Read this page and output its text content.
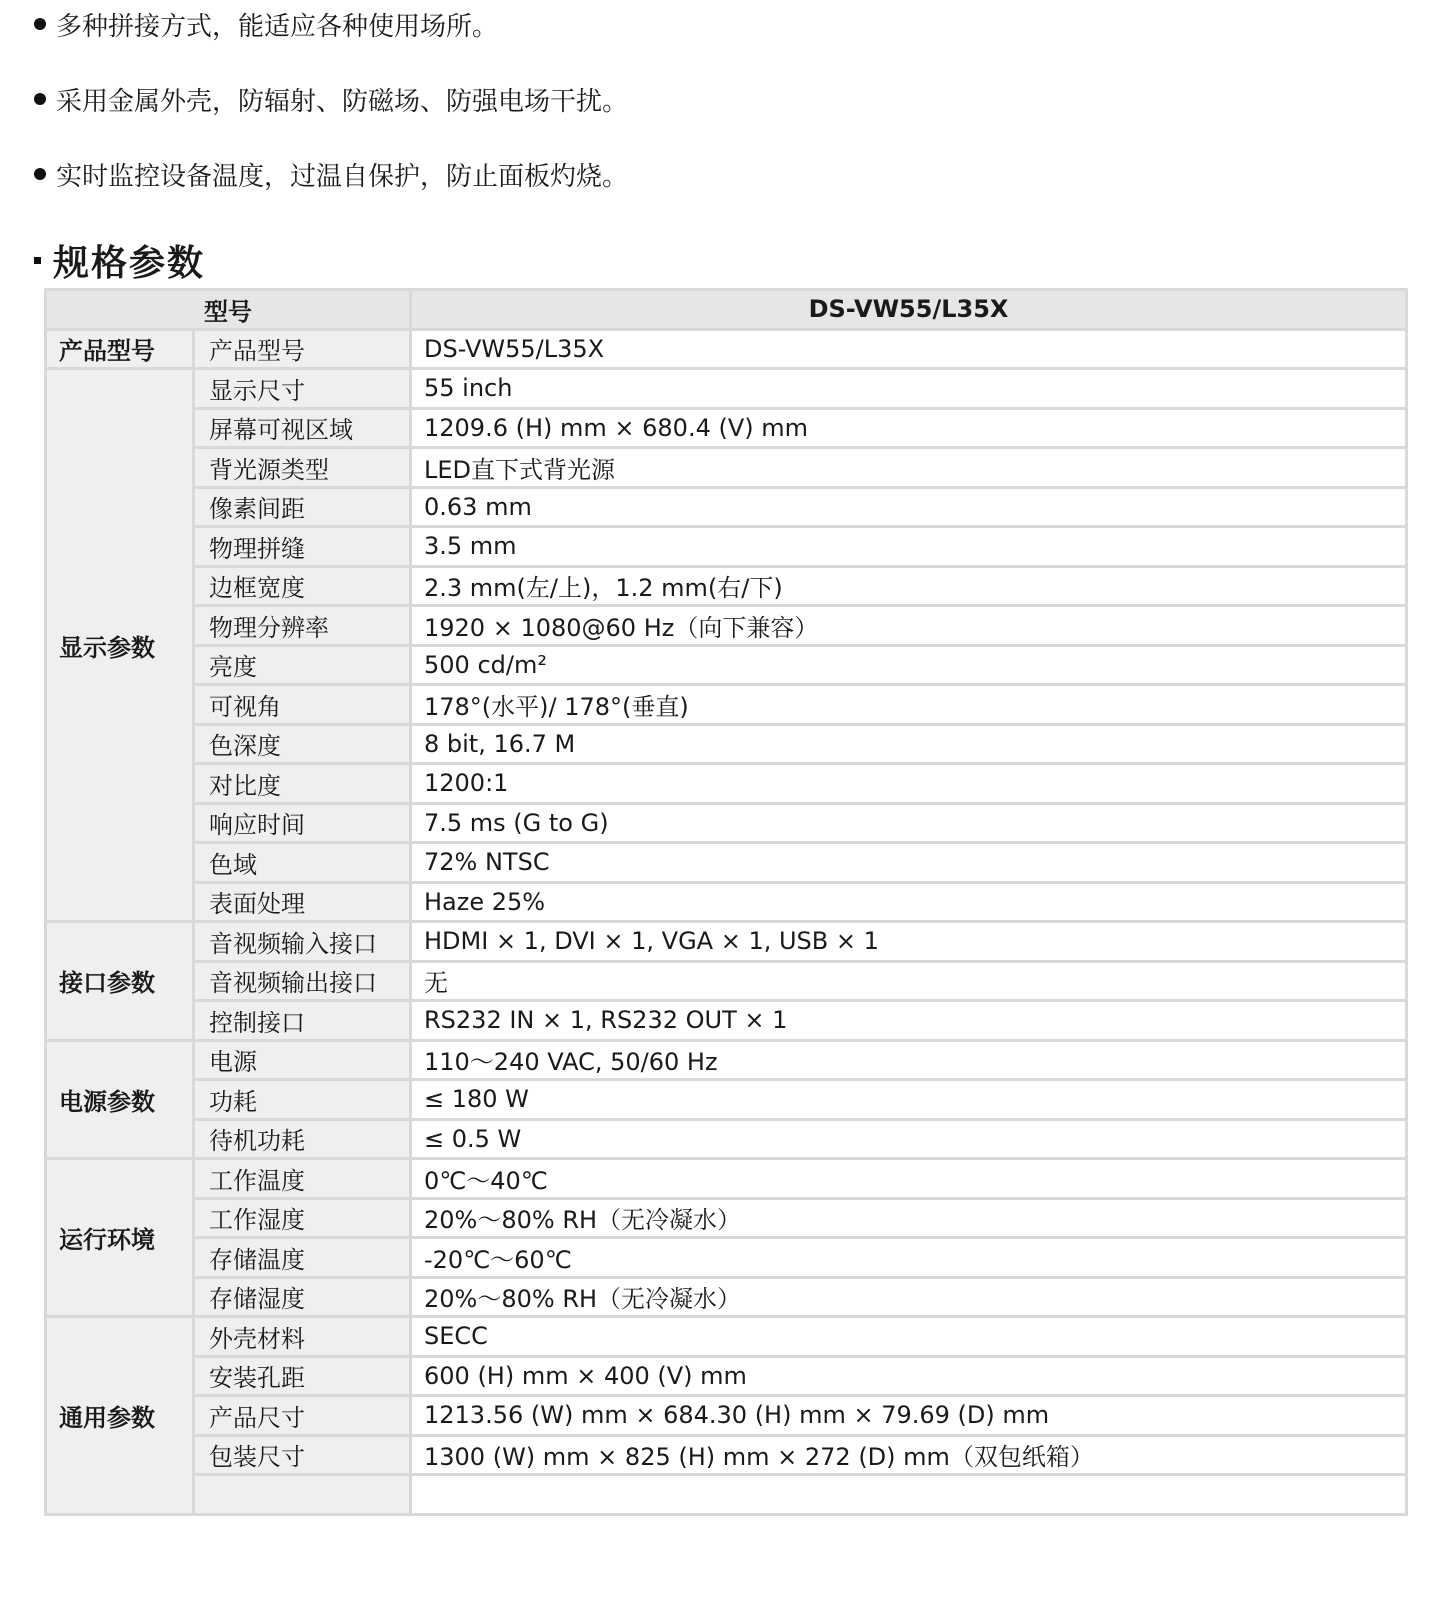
多种拼接方式，能适应各种使用场所。
采用金属外壳，防辐射、防磁场、防强电场干扰。
实时监控设备温度，过温自保护，防止面板灼烧。
规格参数
型号		DS-VW55/L35X
产品型号	产品型号	DS-VW55/L35X
显示参数	显示尺寸	55 inch
	屏幕可视区域	1209.6 (H) mm × 680.4 (V) mm
	背光源类型	LED直下式背光源
	像素间距	0.63 mm
	物理拼缝	3.5 mm
	边框宽度	2.3 mm(左/上)，1.2 mm(右/下)
	物理分辨率	1920 × 1080@60 Hz（向下兼容）
	亮度	500 cd/m²
	可视角	178°(水平)/ 178°(垂直)
	色深度	8 bit, 16.7 M
	对比度	1200:1
	响应时间	7.5 ms (G to G)
	色域	72% NTSC
	表面处理	Haze 25%
接口参数	音视频输入接口	HDMI × 1, DVI × 1, VGA × 1, USB × 1
	音视频输出接口	无
	控制接口	RS232 IN × 1, RS232 OUT × 1
电源参数	电源	110～240 VAC, 50/60 Hz
	功耗	≤ 180 W
	待机功耗	≤ 0.5 W
运行环境	工作温度	0℃～40℃
	工作湿度	20%～80% RH（无冷凝水）
	存储温度	-20℃～60℃
	存储湿度	20%～80% RH（无冷凝水）
通用参数	外壳材料	SECC
	安装孔距	600 (H) mm × 400 (V) mm
	产品尺寸	1213.56 (W) mm × 684.30 (H) mm × 79.69 (D) mm
	包装尺寸	1300 (W) mm × 825 (H) mm × 272 (D) mm（双包纸箱）
